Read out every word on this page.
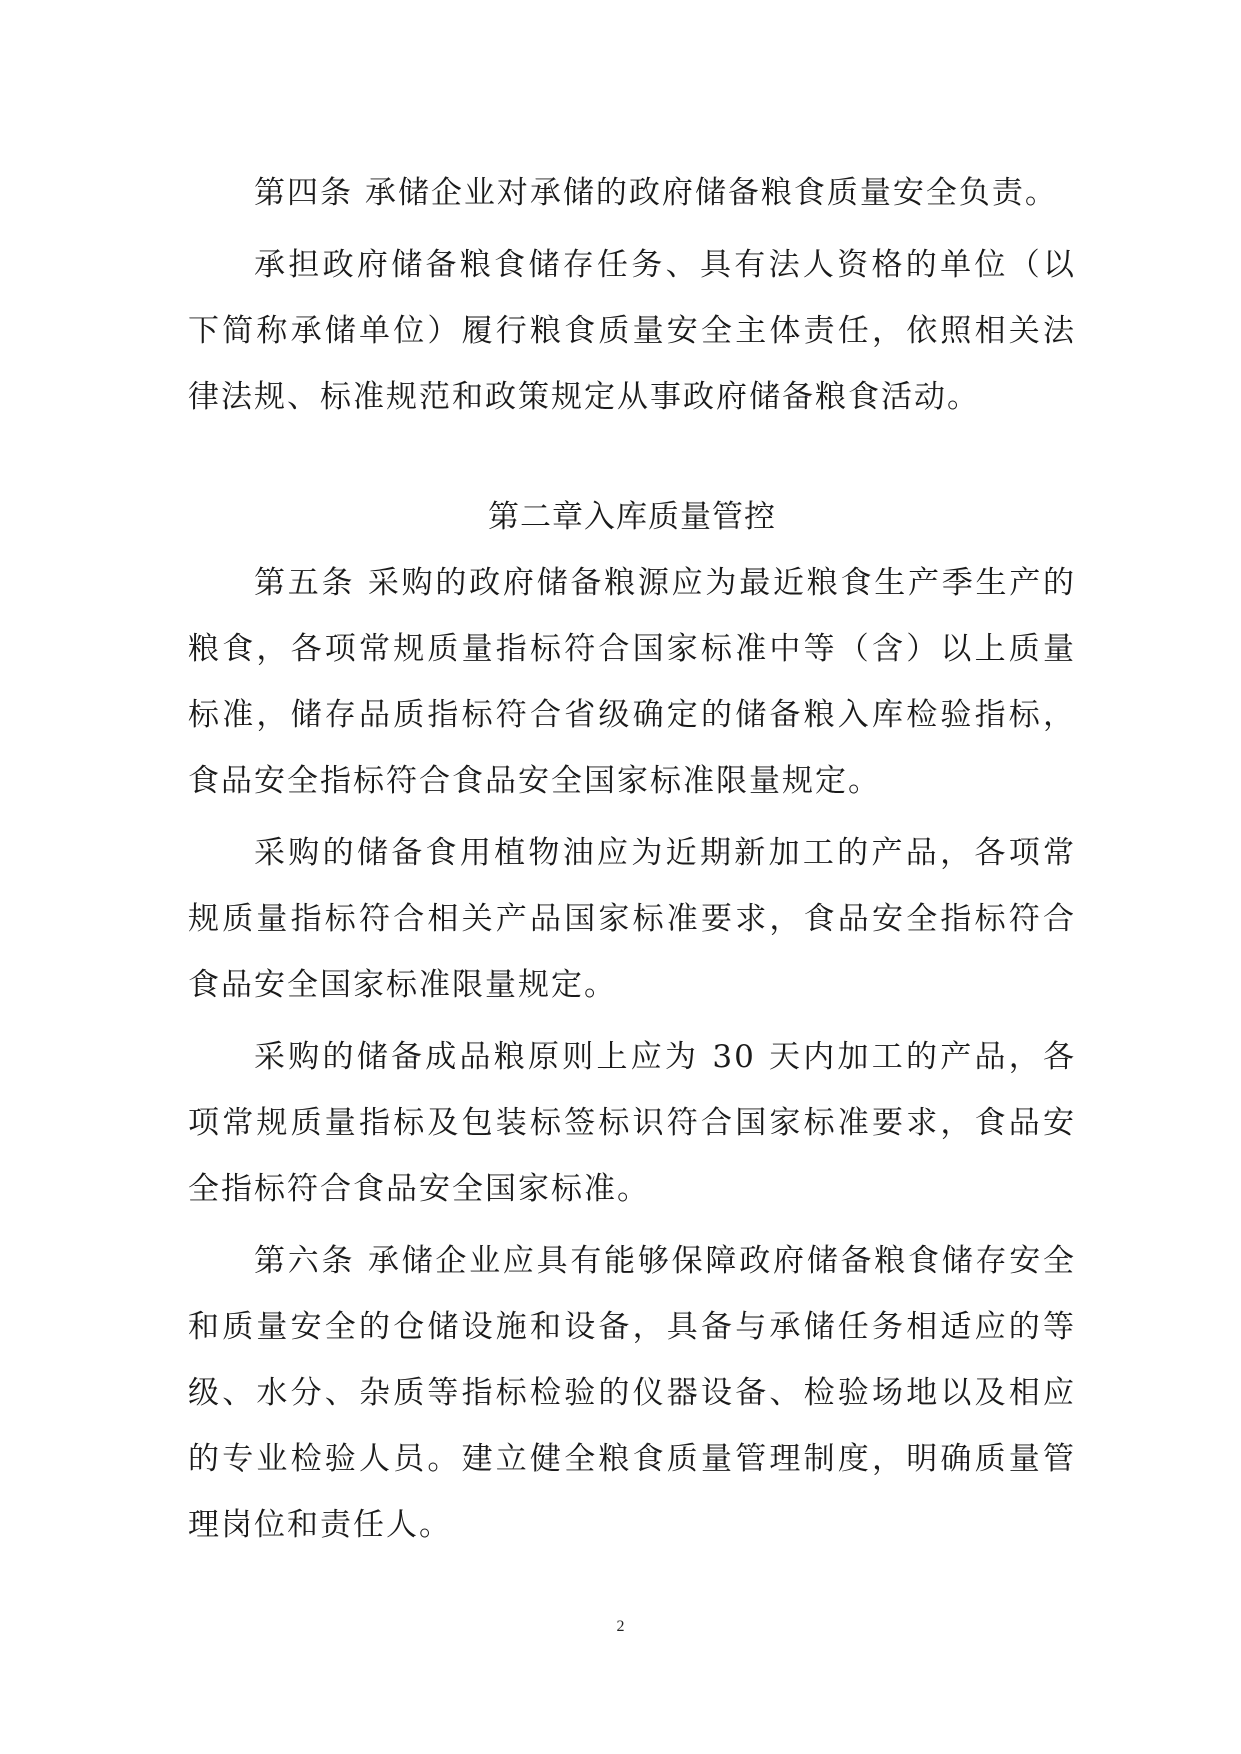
第四条 承储企业对承储的政府储备粮食质量安全负责。

承担政府储备粮食储存任务、具有法人资格的单位（以下简称承储单位）履行粮食质量安全主体责任，依照相关法律法规、标准规范和政策规定从事政府储备粮食活动。

第二章入库质量管控

第五条 采购的政府储备粮源应为最近粮食生产季生产的粮食，各项常规质量指标符合国家标准中等（含）以上质量标准，储存品质指标符合省级确定的储备粮入库检验指标，食品安全指标符合食品安全国家标准限量规定。

采购的储备食用植物油应为近期新加工的产品，各项常规质量指标符合相关产品国家标准要求，食品安全指标符合食品安全国家标准限量规定。

采购的储备成品粮原则上应为 30 天内加工的产品，各项常规质量指标及包装标签标识符合国家标准要求，食品安全指标符合食品安全国家标准。

第六条 承储企业应具有能够保障政府储备粮食储存安全和质量安全的仓储设施和设备，具备与承储任务相适应的等级、水分、杂质等指标检验的仪器设备、检验场地以及相应的专业检验人员。建立健全粮食质量管理制度，明确质量管理岗位和责任人。

2
